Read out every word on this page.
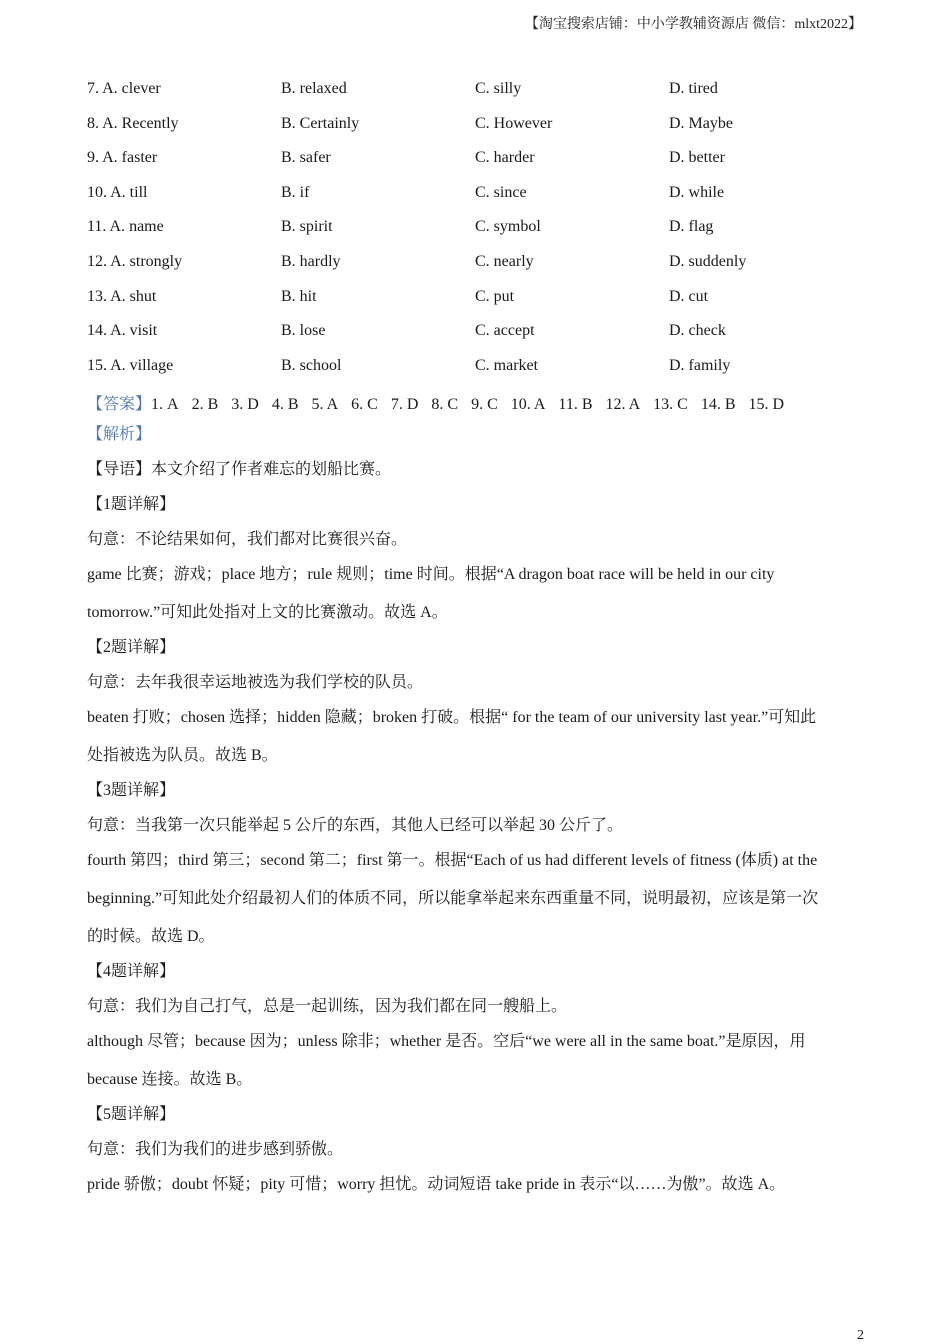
【淘宝搜索店铺：中小学教辅资源店 微信：mlxt2022】
7. A. clever	B. relaxed	C. silly	D. tired
8. A. Recently	B. Certainly	C. However	D. Maybe
9. A. faster	B. safer	C. harder	D. better
10. A. till	B. if	C. since	D. while
11. A. name	B. spirit	C. symbol	D. flag
12. A. strongly	B. hardly	C. nearly	D. suddenly
13. A. shut	B. hit	C. put	D. cut
14. A. visit	B. lose	C. accept	D. check
15. A. village	B. school	C. market	D. family
【答案】1. A 2. B 3. D 4. B 5. A 6. C 7. D 8. C 9. C 10. A 11. B 12. A 13. C 14. B 15. D

【解析】

【导语】本文介绍了作者难忘的划船比赛。

【1题详解】

句意：不论结果如何，我们都对比赛很兴奋。

game 比赛；游戏；place 地方；rule 规则；time 时间。根据“A dragon boat race will be held in our city

tomorrow.”可知此处指对上文的比赛激动。故选 A。

【2题详解】

句意：去年我很幸运地被选为我们学校的队员。

beaten 打败；chosen 选择；hidden 隐藏；broken 打破。根据“ for the team of our university last year.”可知此

处指被选为队员。故选 B。

【3题详解】

句意：当我第一次只能举起 5 公斤的东西，其他人已经可以举起 30 公斤了。

fourth 第四；third 第三；second 第二；first 第一。根据“Each of us had different levels of fitness (体质) at the

beginning.”可知此处介绍最初人们的体质不同，所以能拿举起来东西重量不同，说明最初，应该是第一次

的时候。故选 D。

【4题详解】

句意：我们为自己打气，总是一起训练，因为我们都在同一艘船上。

although 尽管；because 因为；unless 除非；whether 是否。空后“we were all in the same boat.”是原因，用

because 连接。故选 B。

【5题详解】

句意：我们为我们的进步感到骄傲。

pride 骄傲；doubt 怀疑；pity 可惜；worry 担忧。动词短语 take pride in 表示“以……为傲”。故选 A。

2
